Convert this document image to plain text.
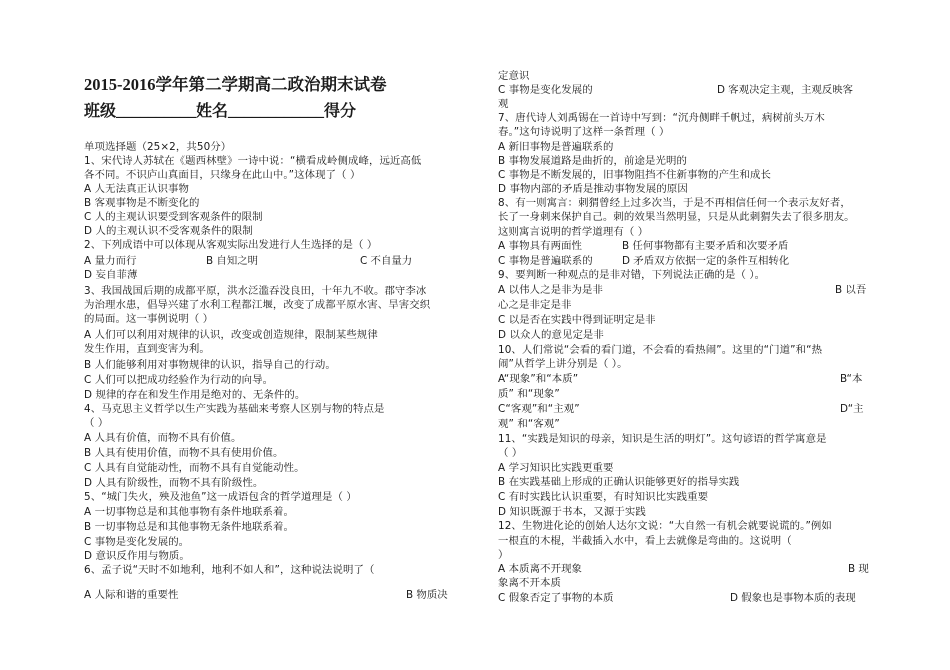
2015-2016学年第二学期高二政治期末试卷
班级__________姓名____________得分
单项选择题（25×2，共50分）
1、宋代诗人苏轼在《题西林壁》一诗中说：“横看成岭侧成峰，远近高低
各不同。不识庐山真面目，只缘身在此山中。”这体现了（ ）
A 人无法真正认识事物
B 客观事物是不断变化的
C 人的主观认识要受到客观条件的限制
D 人的主观认识不受客观条件的限制
2、下列成语中可以体现从客观实际出发进行人生选择的是（ ）
A 量力而行	B 自知之明	C 不自量力
D 妄自菲薄
3、我国战国后期的成都平原，洪水泛滥吞没良田，十年九不收。郡守李冰
为治理水患，倡导兴建了水利工程都江堰，改变了成都平原水害、旱害交织
的局面。这一事例说明（ ）
A 人们可以利用对规律的认识，改变或创造规律，限制某些规律
发生作用，直到变害为利。
B 人们能够利用对事物规律的认识，指导自己的行动。
C 人们可以把成功经验作为行动的向导。
D 规律的存在和发生作用是绝对的、无条件的。
4、马克思主义哲学以生产实践为基础来考察人区别与物的特点是
（ ）
A 人具有价值，而物不具有价值。
B 人具有使用价值，而物不具有使用价值。
C 人具有自觉能动性，而物不具有自觉能动性。
D 人具有阶级性，而物不具有阶级性。
5、“城门失火，殃及池鱼”这一成语包含的哲学道理是（ ）
A 一切事物总是和其他事物有条件地联系着。
B 一切事物总是和其他事物无条件地联系着。
C 事物是变化发展的。
D 意识反作用与物质。
6、孟子说“天时不如地利，地利不如人和”，这种说法说明了（
A 人际和谐的重要性	B 物质决
定意识
C 事物是变化发展的	D 客观决定主观，主观反映客
观
7、唐代诗人刘禹锡在一首诗中写到：“沉舟侧畔千帆过，病树前头万木
春。”这句诗说明了这样一条哲理（ ）
A 新旧事物是普遍联系的
B 事物发展道路是曲折的，前途是光明的
C 事物是不断发展的，旧事物阻挡不住新事物的产生和成长
D 事物内部的矛盾是推动事物发展的原因
8、有一则寓言：刺猬曾经上过多次当，于是不再相信任何一个表示友好者，
长了一身刺来保护自己。刺的效果当然明显，只是从此刺猬失去了很多朋友。
这则寓言说明的哲学道理有（ ）
A 事物具有两面性	B 任何事物都有主要矛盾和次要矛盾
C 事物是普遍联系的	D 矛盾双方依据一定的条件互相转化
9、要判断一种观点的是非对错，下列说法正确的是（ ）。
A 以伟人之是非为是非	B 以吾
心之是非定是非
C 以是否在实践中得到证明定是非
D 以众人的意见定是非
10、人们常说“会看的看门道，不会看的看热闹”。这里的“门道”和“热
闹”从哲学上讲分别是（ ）。
A“现象”和“本质”	B“本
质” 和“现象”
C“客观”和“主观”	D“主
观” 和“客观”
11、“实践是知识的母亲，知识是生活的明灯”。这句谚语的哲学寓意是
（ ）
A 学习知识比实践更重要
B 在实践基础上形成的正确认识能够更好的指导实践
C 有时实践比认识重要，有时知识比实践重要
D 知识既源于书本，又源于实践
12、生物进化论的创始人达尔文说：“大自然一有机会就要说谎的。”例如
一根直的木棍，半截插入水中，看上去就像是弯曲的。这说明（
）
A 本质离不开现象	B 现
象离不开本质
C 假象否定了事物的本质	D 假象也是事物本质的表现
